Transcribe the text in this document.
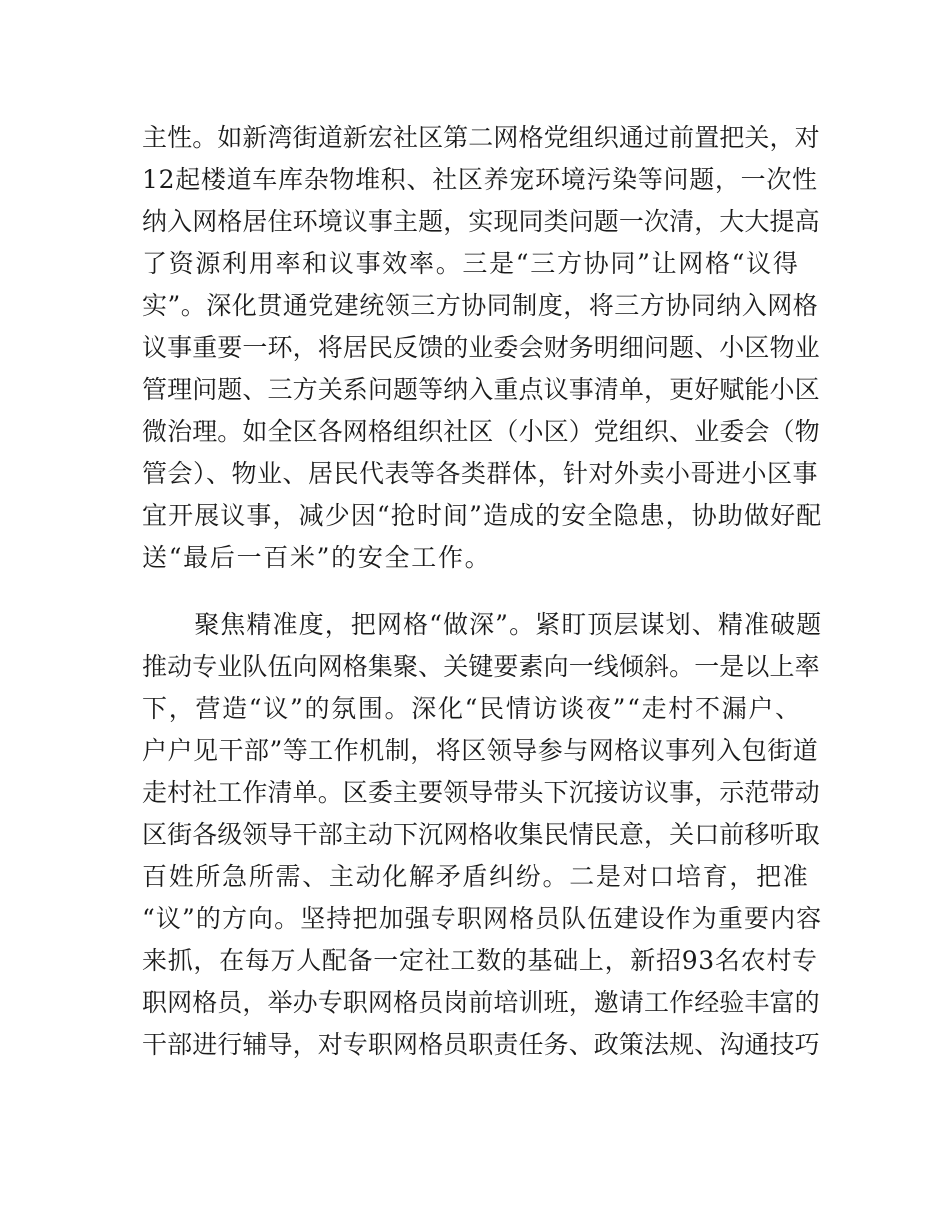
主性。如新湾街道新宏社区第二网格党组织通过前置把关，对
12起楼道车库杂物堆积、社区养宠环境污染等问题，一次性
纳入网格居住环境议事主题，实现同类问题一次清，大大提高
了资源利用率和议事效率。三是“三方协同”让网格“议得
实”。深化贯通党建统领三方协同制度，将三方协同纳入网格
议事重要一环，将居民反馈的业委会财务明细问题、小区物业
管理问题、三方关系问题等纳入重点议事清单，更好赋能小区
微治理。如全区各网格组织社区（小区）党组织、业委会（物
管会）、物业、居民代表等各类群体，针对外卖小哥进小区事
宜开展议事，减少因“抢时间”造成的安全隐患，协助做好配
送“最后一百米”的安全工作。
　　聚焦精准度，把网格“做深”。紧盯顶层谋划、精准破题
推动专业队伍向网格集聚、关键要素向一线倾斜。一是以上率
下，营造“议”的氛围。深化“民情访谈夜”“走村不漏户、
户户见干部”等工作机制，将区领导参与网格议事列入包街道
走村社工作清单。区委主要领导带头下沉接访议事，示范带动
区街各级领导干部主动下沉网格收集民情民意，关口前移听取
百姓所急所需、主动化解矛盾纠纷。二是对口培育，把准
“议”的方向。坚持把加强专职网格员队伍建设作为重要内容
来抓，在每万人配备一定社工数的基础上，新招93名农村专
职网格员，举办专职网格员岗前培训班，邀请工作经验丰富的
干部进行辅导，对专职网格员职责任务、政策法规、沟通技巧
